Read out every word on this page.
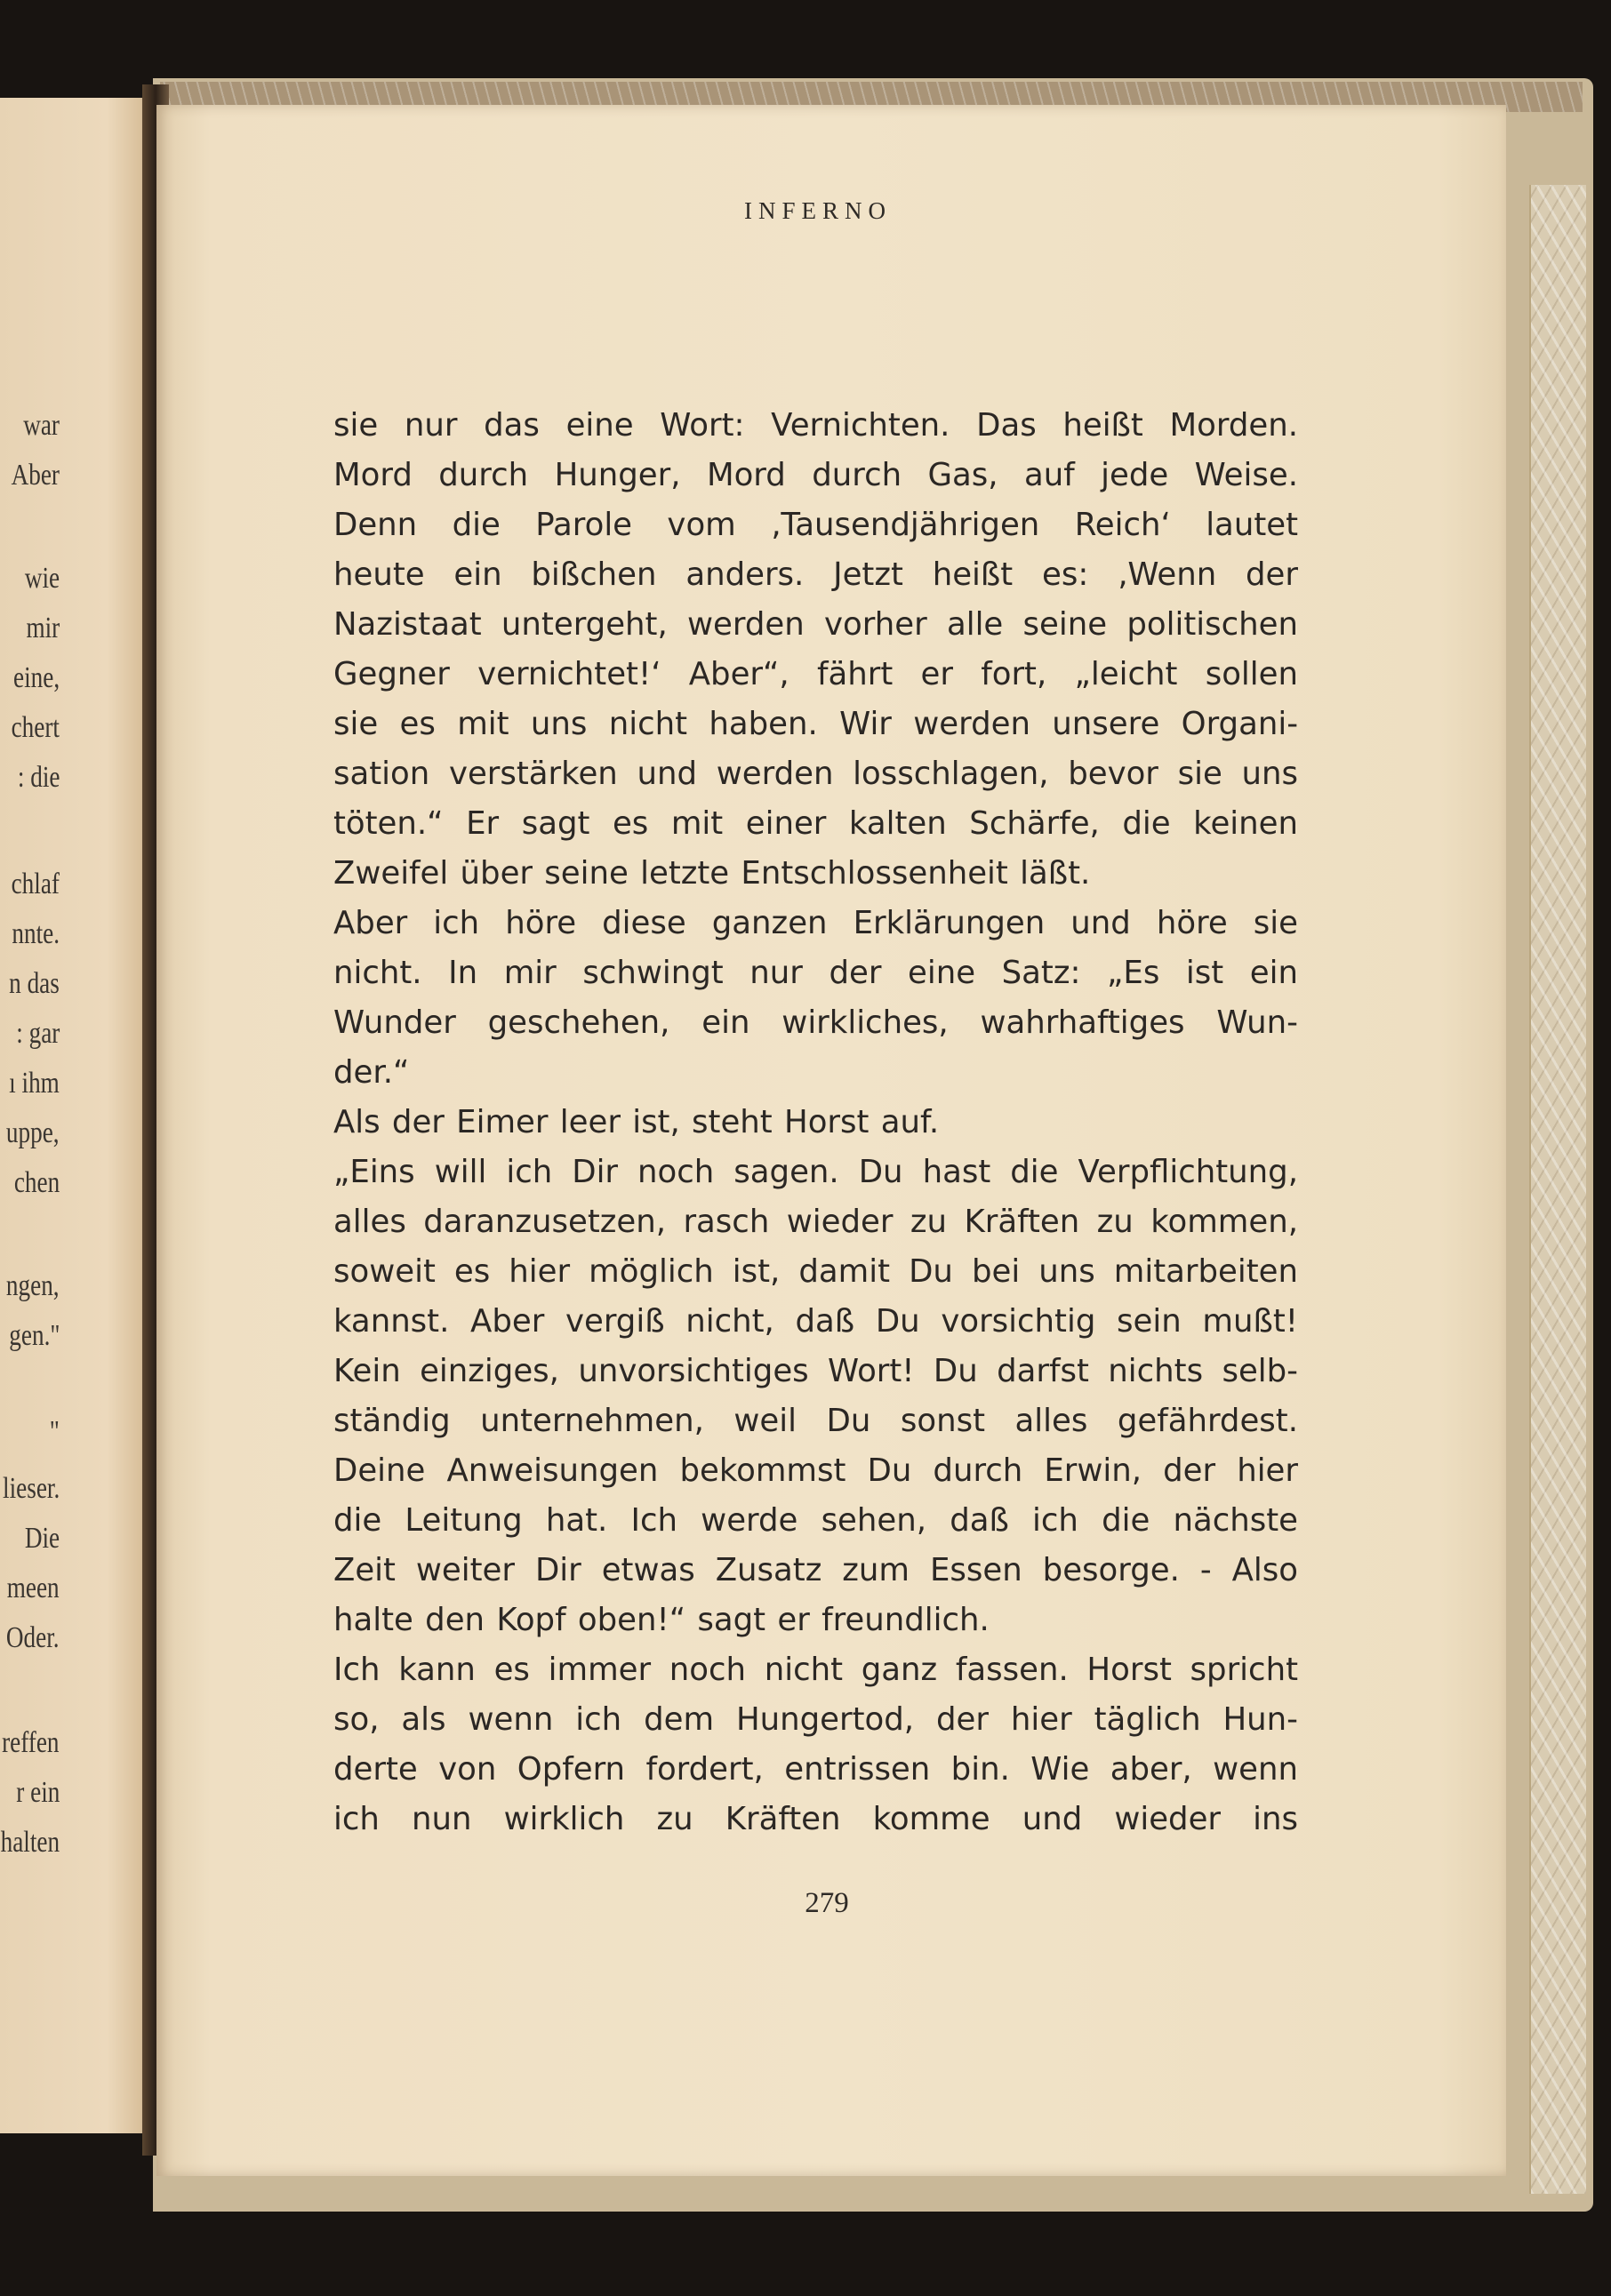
war
Aber
wie
mir
eine,
chert
: die
chlaf
nnte.
n das
: gar
ı ihm
uppe,
chen
ngen,
gen."
"
lieser.
Die
meen
Oder.
reffen
r ein
halten
INFERNO
sie nur das eine Wort: Vernichten. Das heißt Morden.
Mord durch Hunger, Mord durch Gas, auf jede Weise.
Denn die Parole vom ‚Tausendjährigen Reich‘ lautet
heute ein bißchen anders. Jetzt heißt es: ‚Wenn der
Nazistaat untergeht, werden vorher alle seine politischen
Gegner vernichtet!‘ Aber“, fährt er fort, „leicht sollen
sie es mit uns nicht haben. Wir werden unsere Organi-
sation verstärken und werden losschlagen, bevor sie uns
töten.“ Er sagt es mit einer kalten Schärfe, die keinen
Zweifel über seine letzte Entschlossenheit läßt.
Aber ich höre diese ganzen Erklärungen und höre sie
nicht. In mir schwingt nur der eine Satz: „Es ist ein
Wunder geschehen, ein wirkliches, wahrhaftiges Wun-
der.“
Als der Eimer leer ist, steht Horst auf.
„Eins will ich Dir noch sagen. Du hast die Verpflichtung,
alles daranzusetzen, rasch wieder zu Kräften zu kommen,
soweit es hier möglich ist, damit Du bei uns mitarbeiten
kannst. Aber vergiß nicht, daß Du vorsichtig sein mußt!
Kein einziges, unvorsichtiges Wort! Du darfst nichts selb-
ständig unternehmen, weil Du sonst alles gefährdest.
Deine Anweisungen bekommst Du durch Erwin, der hier
die Leitung hat. Ich werde sehen, daß ich die nächste
Zeit weiter Dir etwas Zusatz zum Essen besorge. - Also
halte den Kopf oben!“ sagt er freundlich.
Ich kann es immer noch nicht ganz fassen. Horst spricht
so, als wenn ich dem Hungertod, der hier täglich Hun-
derte von Opfern fordert, entrissen bin. Wie aber, wenn
ich nun wirklich zu Kräften komme und wieder ins
279
